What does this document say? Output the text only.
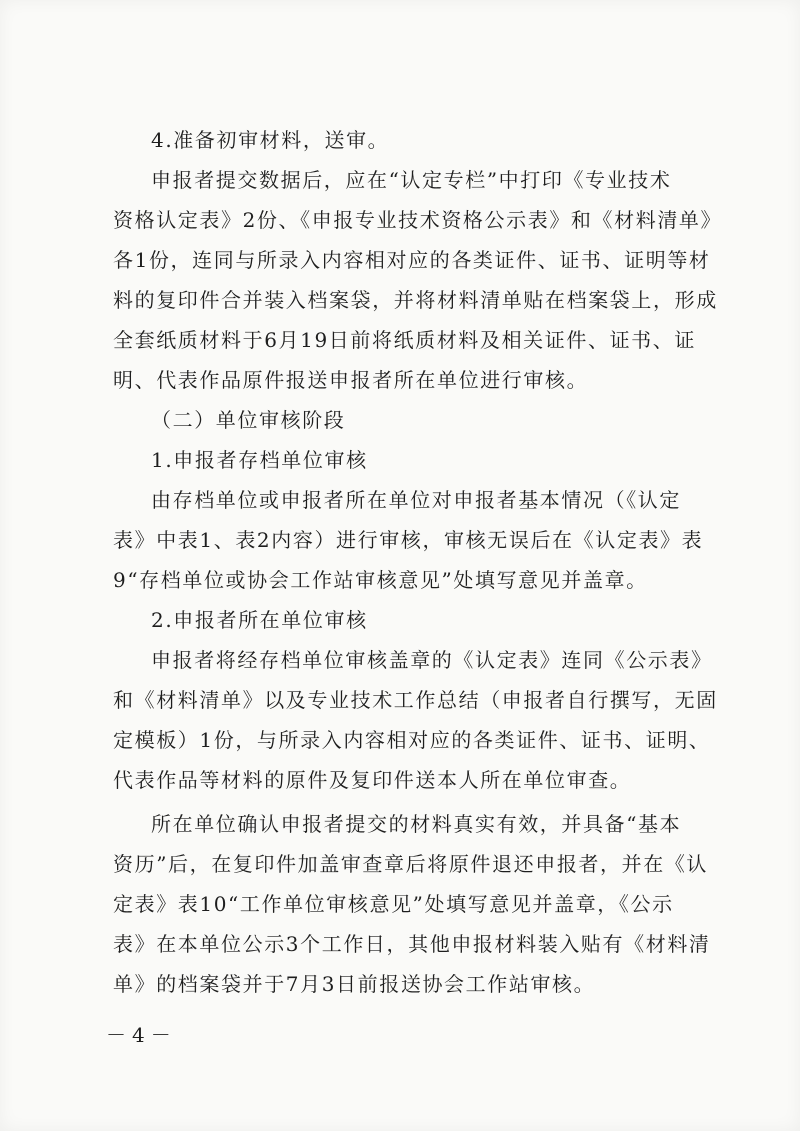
4.准备初审材料，送审。
申报者提交数据后，应在“认定专栏”中打印《专业技术
资格认定表》2份、《申报专业技术资格公示表》和《材料清单》
各1份，连同与所录入内容相对应的各类证件、证书、证明等材
料的复印件合并装入档案袋，并将材料清单贴在档案袋上，形成
全套纸质材料于6月19日前将纸质材料及相关证件、证书、证
明、代表作品原件报送申报者所在单位进行审核。
（二）单位审核阶段
1.申报者存档单位审核
由存档单位或申报者所在单位对申报者基本情况（《认定
表》中表1、表2内容）进行审核，审核无误后在《认定表》表
9“存档单位或协会工作站审核意见”处填写意见并盖章。
2.申报者所在单位审核
申报者将经存档单位审核盖章的《认定表》连同《公示表》
和《材料清单》以及专业技术工作总结（申报者自行撰写，无固
定模板）1份，与所录入内容相对应的各类证件、证书、证明、
代表作品等材料的原件及复印件送本人所在单位审查。
所在单位确认申报者提交的材料真实有效，并具备“基本
资历”后，在复印件加盖审查章后将原件退还申报者，并在《认
定表》表10“工作单位审核意见”处填写意见并盖章，《公示
表》在本单位公示3个工作日，其他申报材料装入贴有《材料清
单》的档案袋并于7月3日前报送协会工作站审核。
－4－
